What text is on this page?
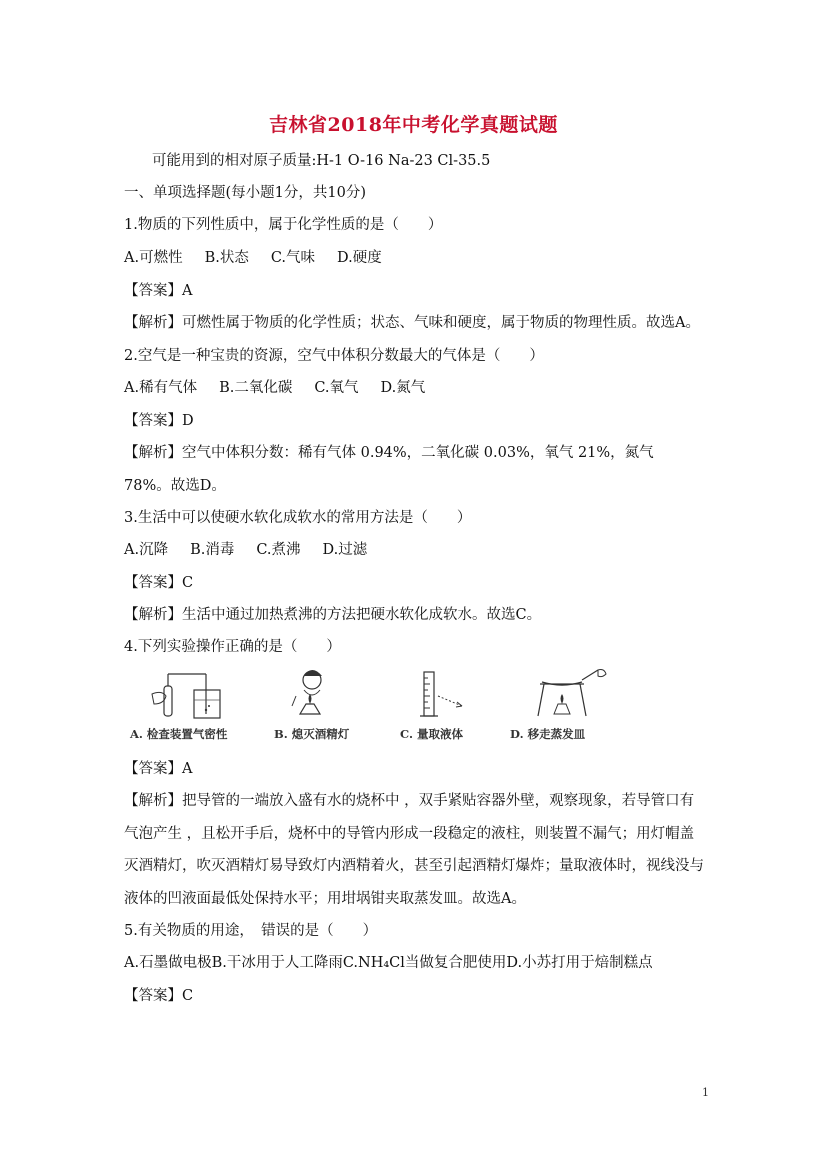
吉林省2018年中考化学真题试题
可能用到的相对原子质量:H-1 O-16 Na-23 Cl-35.5
一、单项选择题(每小题1分，共10分)
1.物质的下列性质中，属于化学性质的是（　　）
A.可燃性 B.状态 C.气味 D.硬度
【答案】A
【解析】可燃性属于物质的化学性质；状态、气味和硬度，属于物质的物理性质。故选A。
2.空气是一种宝贵的资源，空气中体积分数最大的气体是（　　）
A.稀有气体 B.二氧化碳 C.氧气 D.氮气
【答案】D
【解析】空气中体积分数：稀有气体 0.94%，二氧化碳 0.03%，氧气 21%，氮气 78%。故选D。
3.生活中可以使硬水软化成软水的常用方法是（　　）
A.沉降 B.消毒 C.煮沸 D.过滤
【答案】C
【解析】生活中通过加热煮沸的方法把硬水软化成软水。故选C。
4.下列实验操作正确的是（　　）
A. 检查装置气密性	B. 熄灭酒精灯	C. 量取液体	D. 移走蒸发皿
【答案】A
【解析】把导管的一端放入盛有水的烧杯中 ，双手紧贴容器外壁，观察现象，若导管口有气泡产生 ，且松开手后，烧杯中的导管内形成一段稳定的液柱，则装置不漏气；用灯帽盖灭酒精灯，吹灭酒精灯易导致灯内酒精着火，甚至引起酒精灯爆炸；量取液体时，视线没与液体的凹液面最低处保持水平；用坩埚钳夹取蒸发皿。故选A。
5.有关物质的用途，　错误的是（　　）
A.石墨做电极B.干冰用于人工降雨C.NH₄Cl当做复合肥使用D.小苏打用于焙制糕点
【答案】C
1
